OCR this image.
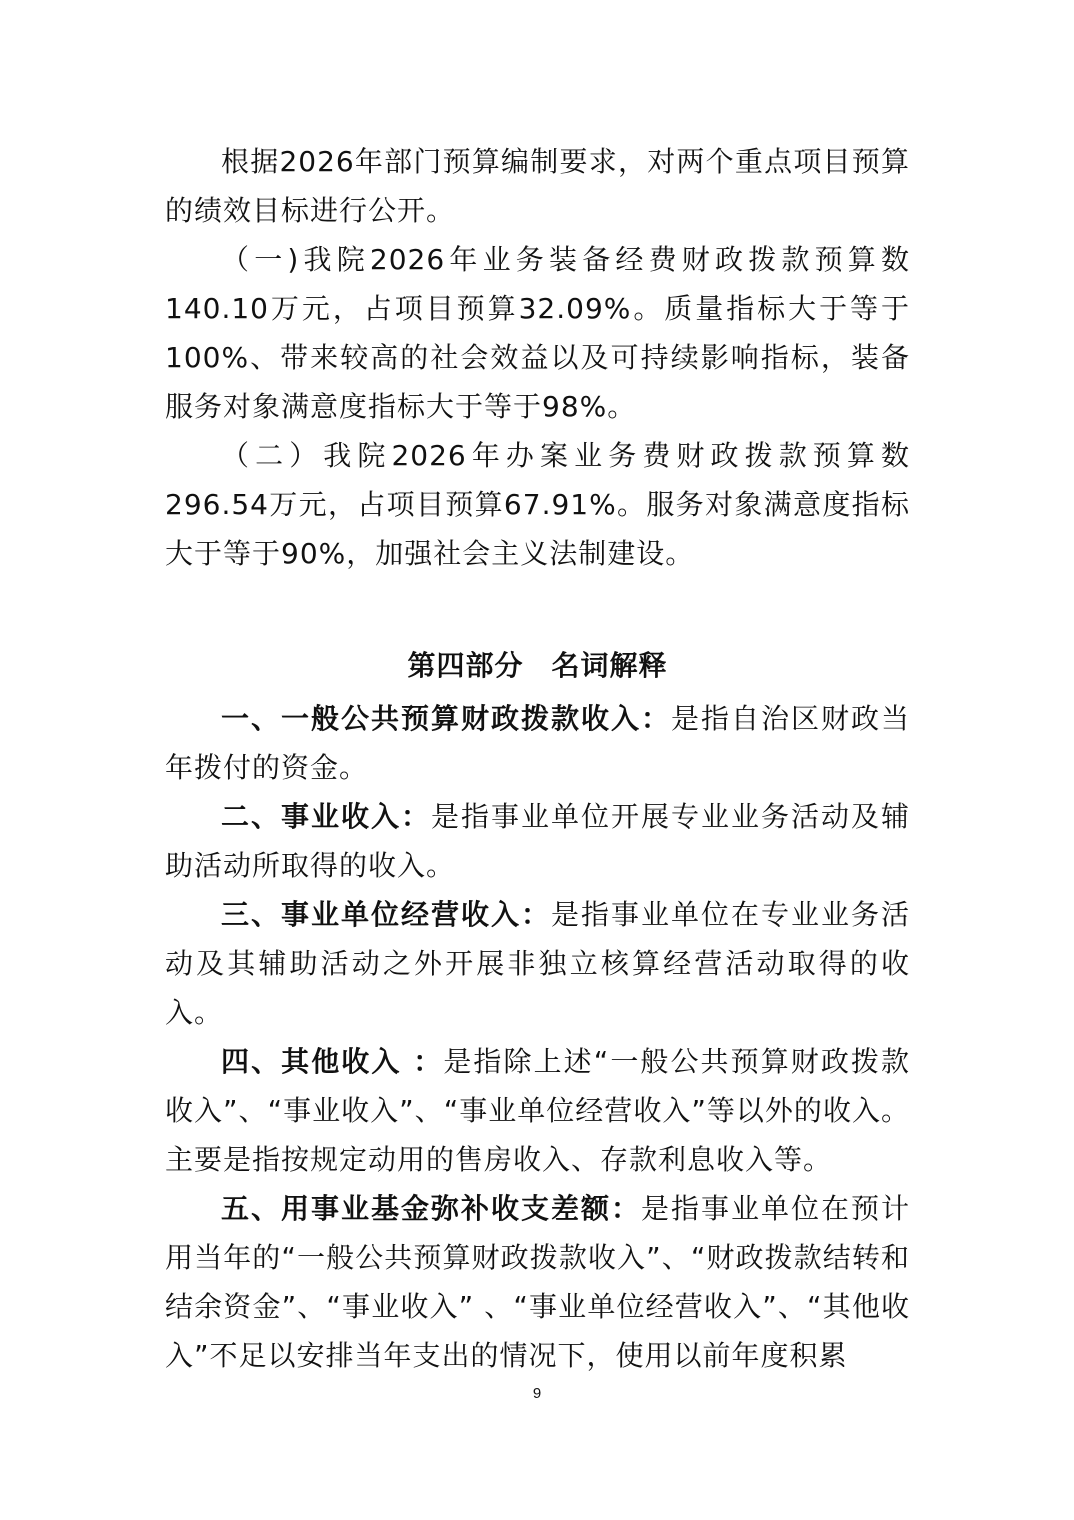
根据2026年部门预算编制要求，对两个重点项目预算的绩效目标进行公开。

（一)我院2026年业务装备经费财政拨款预算数140.10万元，占项目预算32.09%。质量指标大于等于100%、带来较高的社会效益以及可持续影响指标，装备服务对象满意度指标大于等于98%。

（二）我院2026年办案业务费财政拨款预算数296.54万元，占项目预算67.91%。服务对象满意度指标大于等于90%，加强社会主义法制建设。

第四部分 名词解释

一、一般公共预算财政拨款收入：是指自治区财政当年拨付的资金。

二、事业收入：是指事业单位开展专业业务活动及辅助活动所取得的收入。

三、事业单位经营收入：是指事业单位在专业业务活动及其辅助活动之外开展非独立核算经营活动取得的收入。

四、其他收入 ：是指除上述“一般公共预算财政拨款收入”、“事业收入”、“事业单位经营收入”等以外的收入。主要是指按规定动用的售房收入、存款利息收入等。

五、用事业基金弥补收支差额：是指事业单位在预计用当年的“一般公共预算财政拨款收入”、“财政拨款结转和结余资金”、“事业收入” 、“事业单位经营收入”、“其他收入”不足以安排当年支出的情况下，使用以前年度积累

9
